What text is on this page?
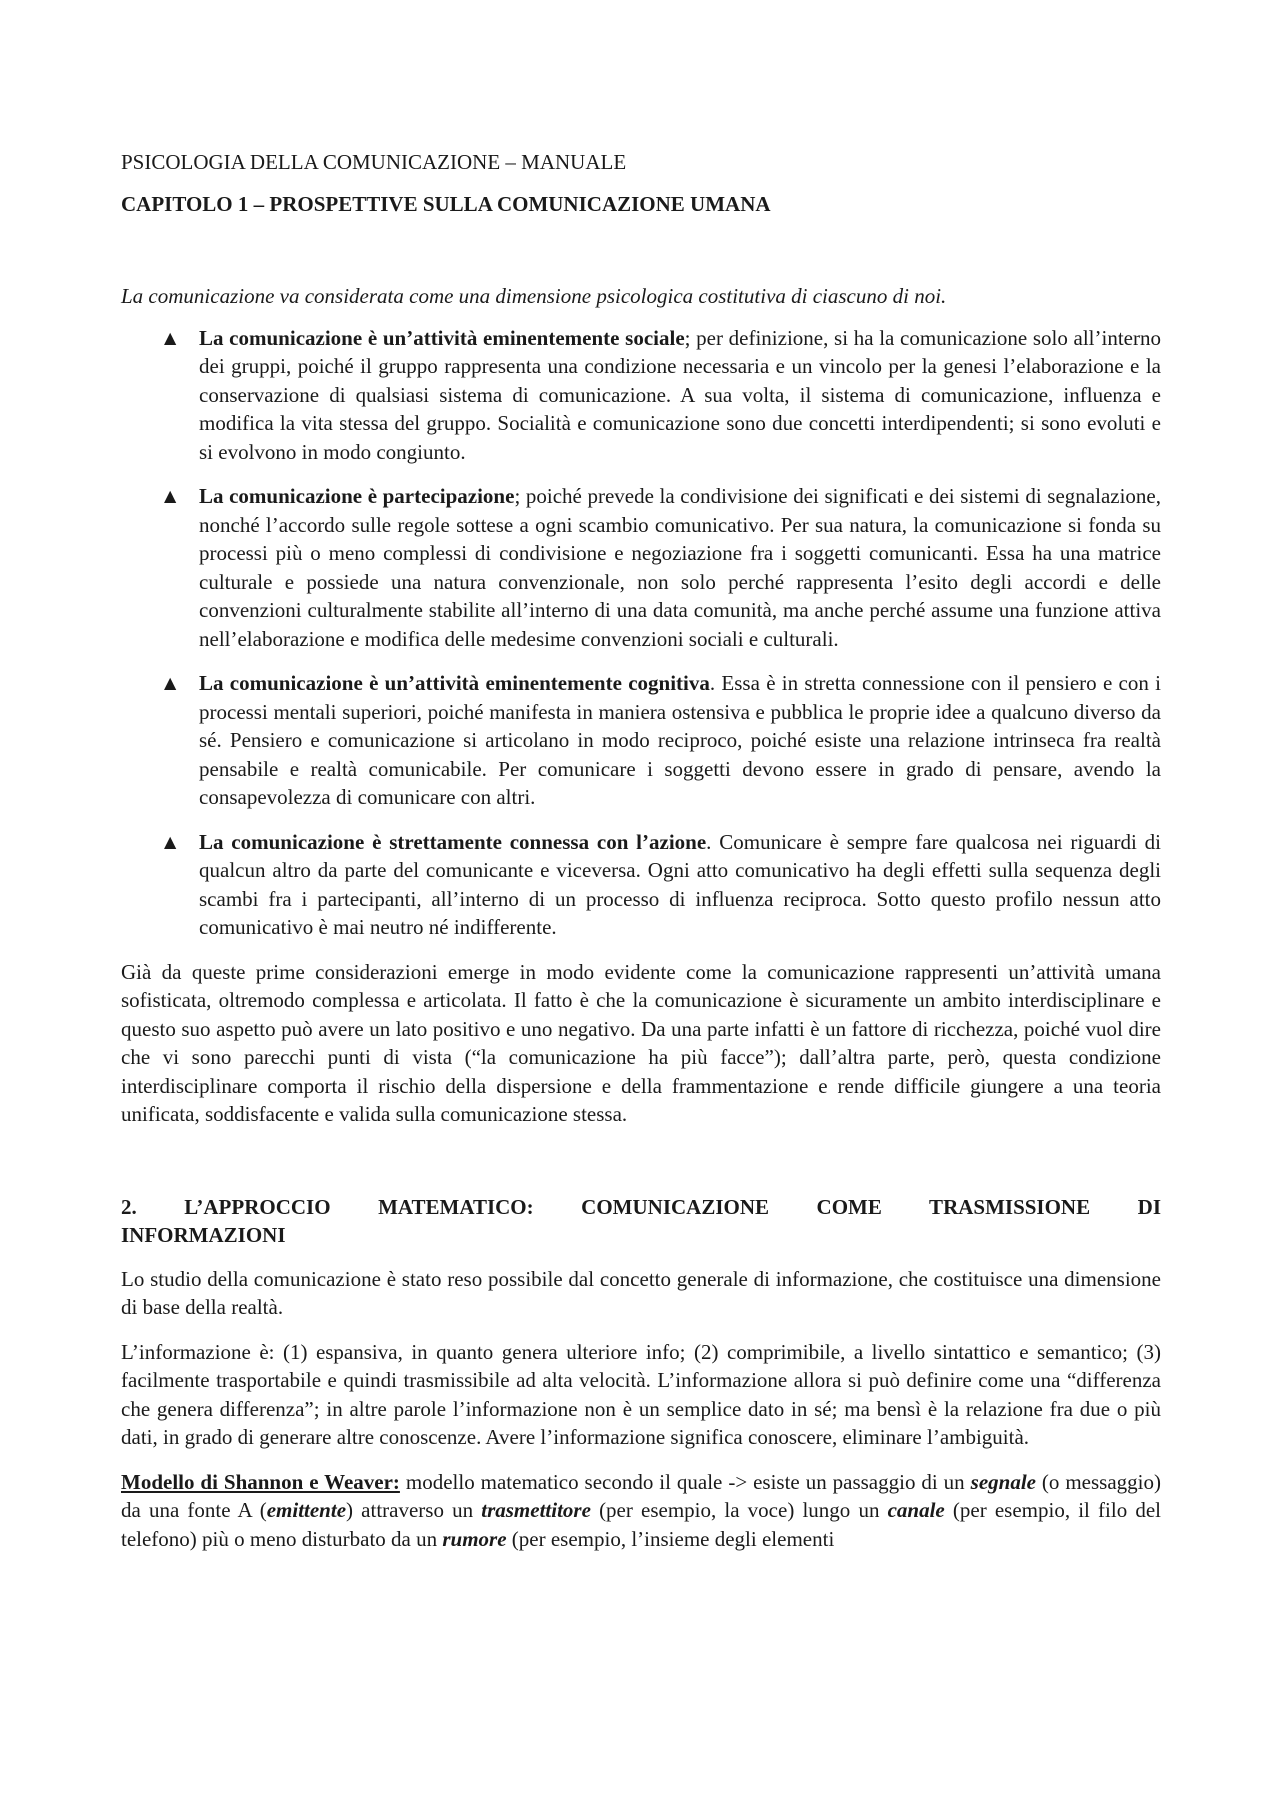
PSICOLOGIA DELLA COMUNICAZIONE – MANUALE
CAPITOLO 1 – PROSPETTIVE SULLA COMUNICAZIONE UMANA
La comunicazione va considerata come una dimensione psicologica costitutiva di ciascuno di noi.
▲ La comunicazione è un’attività eminentemente sociale; per definizione, si ha la comunicazione solo all’interno dei gruppi, poiché il gruppo rappresenta una condizione necessaria e un vincolo per la genesi l’elaborazione e la conservazione di qualsiasi sistema di comunicazione. A sua volta, il sistema di comunicazione, influenza e modifica la vita stessa del gruppo. Socialità e comunicazione sono due concetti interdipendenti; si sono evoluti e si evolvono in modo congiunto.
▲ La comunicazione è partecipazione; poiché prevede la condivisione dei significati e dei sistemi di segnalazione, nonché l’accordo sulle regole sottese a ogni scambio comunicativo. Per sua natura, la comunicazione si fonda su processi più o meno complessi di condivisione e negoziazione fra i soggetti comunicanti. Essa ha una matrice culturale e possiede una natura convenzionale, non solo perché rappresenta l’esito degli accordi e delle convenzioni culturalmente stabilite all’interno di una data comunità, ma anche perché assume una funzione attiva nell’elaborazione e modifica delle medesime convenzioni sociali e culturali.
▲ La comunicazione è un’attività eminentemente cognitiva. Essa è in stretta connessione con il pensiero e con i processi mentali superiori, poiché manifesta in maniera ostensiva e pubblica le proprie idee a qualcuno diverso da sé. Pensiero e comunicazione si articolano in modo reciproco, poiché esiste una relazione intrinseca fra realtà pensabile e realtà comunicabile. Per comunicare i soggetti devono essere in grado di pensare, avendo la consapevolezza di comunicare con altri.
▲ La comunicazione è strettamente connessa con l’azione. Comunicare è sempre fare qualcosa nei riguardi di qualcun altro da parte del comunicante e viceversa. Ogni atto comunicativo ha degli effetti sulla sequenza degli scambi fra i partecipanti, all’interno di un processo di influenza reciproca. Sotto questo profilo nessun atto comunicativo è mai neutro né indifferente.

Già da queste prime considerazioni emerge in modo evidente come la comunicazione rappresenti un’attività umana sofisticata, oltremodo complessa e articolata. Il fatto è che la comunicazione è sicuramente un ambito interdisciplinare e questo suo aspetto può avere un lato positivo e uno negativo. Da una parte infatti è un fattore di ricchezza, poiché vuol dire che vi sono parecchi punti di vista (“la comunicazione ha più facce”); dall’altra parte, però, questa condizione interdisciplinare comporta il rischio della dispersione e della frammentazione e rende difficile giungere a una teoria unificata, soddisfacente e valida sulla comunicazione stessa.

2. L’APPROCCIO MATEMATICO: COMUNICAZIONE COME TRASMISSIONE DI
INFORMAZIONI

Lo studio della comunicazione è stato reso possibile dal concetto generale di informazione, che costituisce una dimensione di base della realtà.

L’informazione è: (1) espansiva, in quanto genera ulteriore info; (2) comprimibile, a livello sintattico e semantico; (3) facilmente trasportabile e quindi trasmissibile ad alta velocità. L’informazione allora si può definire come una “differenza che genera differenza”; in altre parole l’informazione non è un semplice dato in sé; ma bensì è la relazione fra due o più dati, in grado di generare altre conoscenze. Avere l’informazione significa conoscere, eliminare l’ambiguità.

Modello di Shannon e Weaver: modello matematico secondo il quale -> esiste un passaggio di un segnale (o messaggio) da una fonte A (emittente) attraverso un trasmettitore (per esempio, la voce) lungo un canale (per esempio, il filo del telefono) più o meno disturbato da un rumore (per esempio, l’insieme degli elementi
